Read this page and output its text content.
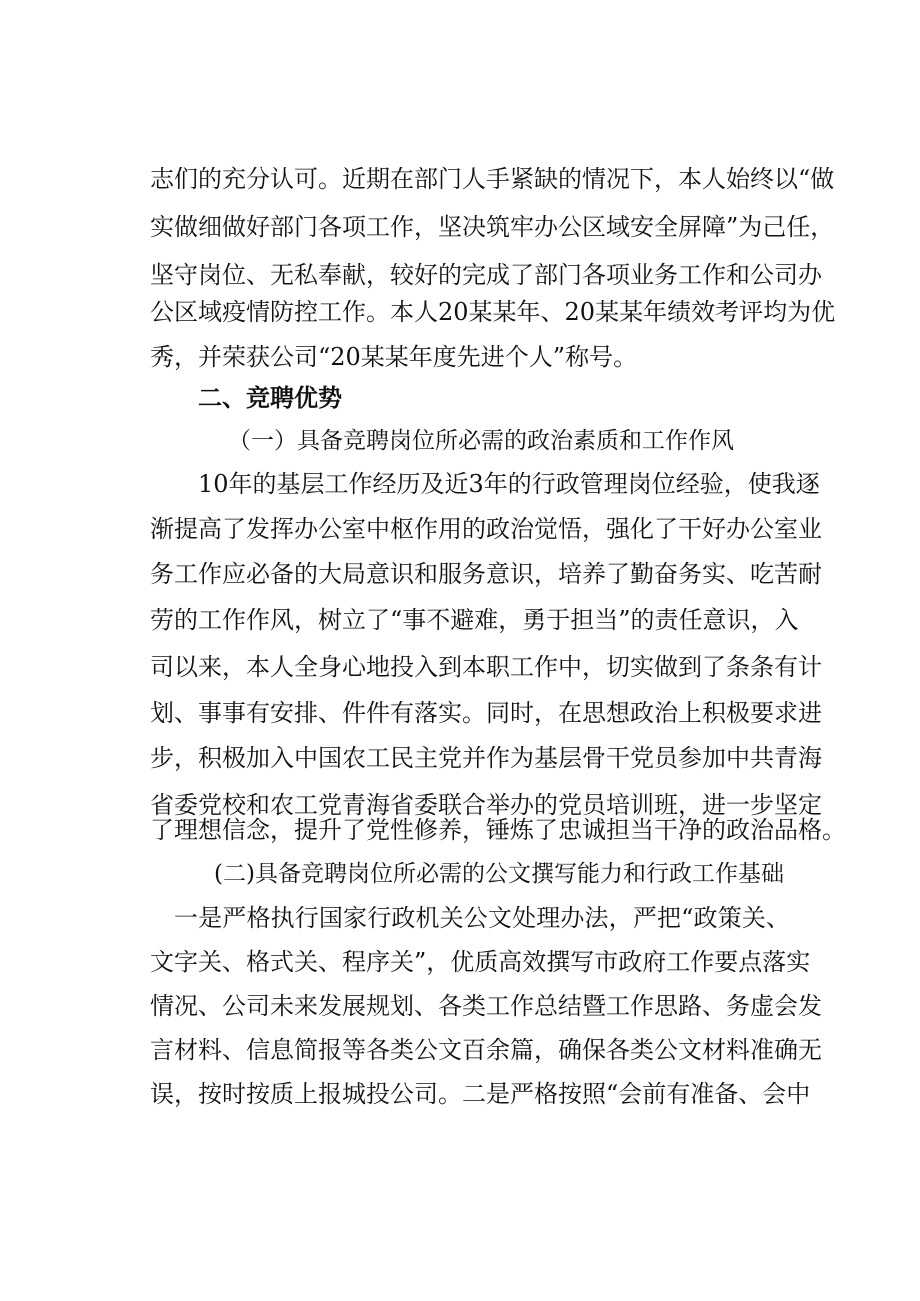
志们的充分认可。近期在部门人手紧缺的情况下，本人始终以“做
实做细做好部门各项工作，坚决筑牢办公区域安全屏障”为己任，
坚守岗位、无私奉献，较好的完成了部门各项业务工作和公司办
公区域疫情防控工作。本人20某某年、20某某年绩效考评均为优
秀，并荣获公司“20某某年度先进个人”称号。
二、竞聘优势
（一）具备竞聘岗位所必需的政治素质和工作作风
10年的基层工作经历及近3年的行政管理岗位经验，使我逐
渐提高了发挥办公室中枢作用的政治觉悟，强化了干好办公室业
务工作应必备的大局意识和服务意识，培养了勤奋务实、吃苦耐
劳的工作作风，树立了“事不避难，勇于担当”的责任意识，入
司以来，本人全身心地投入到本职工作中，切实做到了条条有计
划、事事有安排、件件有落实。同时，在思想政治上积极要求进
步，积极加入中国农工民主党并作为基层骨干党员参加中共青海
省委党校和农工党青海省委联合举办的党员培训班，进一步坚定
了理想信念，提升了党性修养，锤炼了忠诚担当干净的政治品格。
(二)具备竞聘岗位所必需的公文撰写能力和行政工作基础
一是严格执行国家行政机关公文处理办法，严把“政策关、
文字关、格式关、程序关”，优质高效撰写市政府工作要点落实
情况、公司未来发展规划、各类工作总结暨工作思路、务虚会发
言材料、信息简报等各类公文百余篇，确保各类公文材料准确无
误，按时按质上报城投公司。二是严格按照“会前有准备、会中
